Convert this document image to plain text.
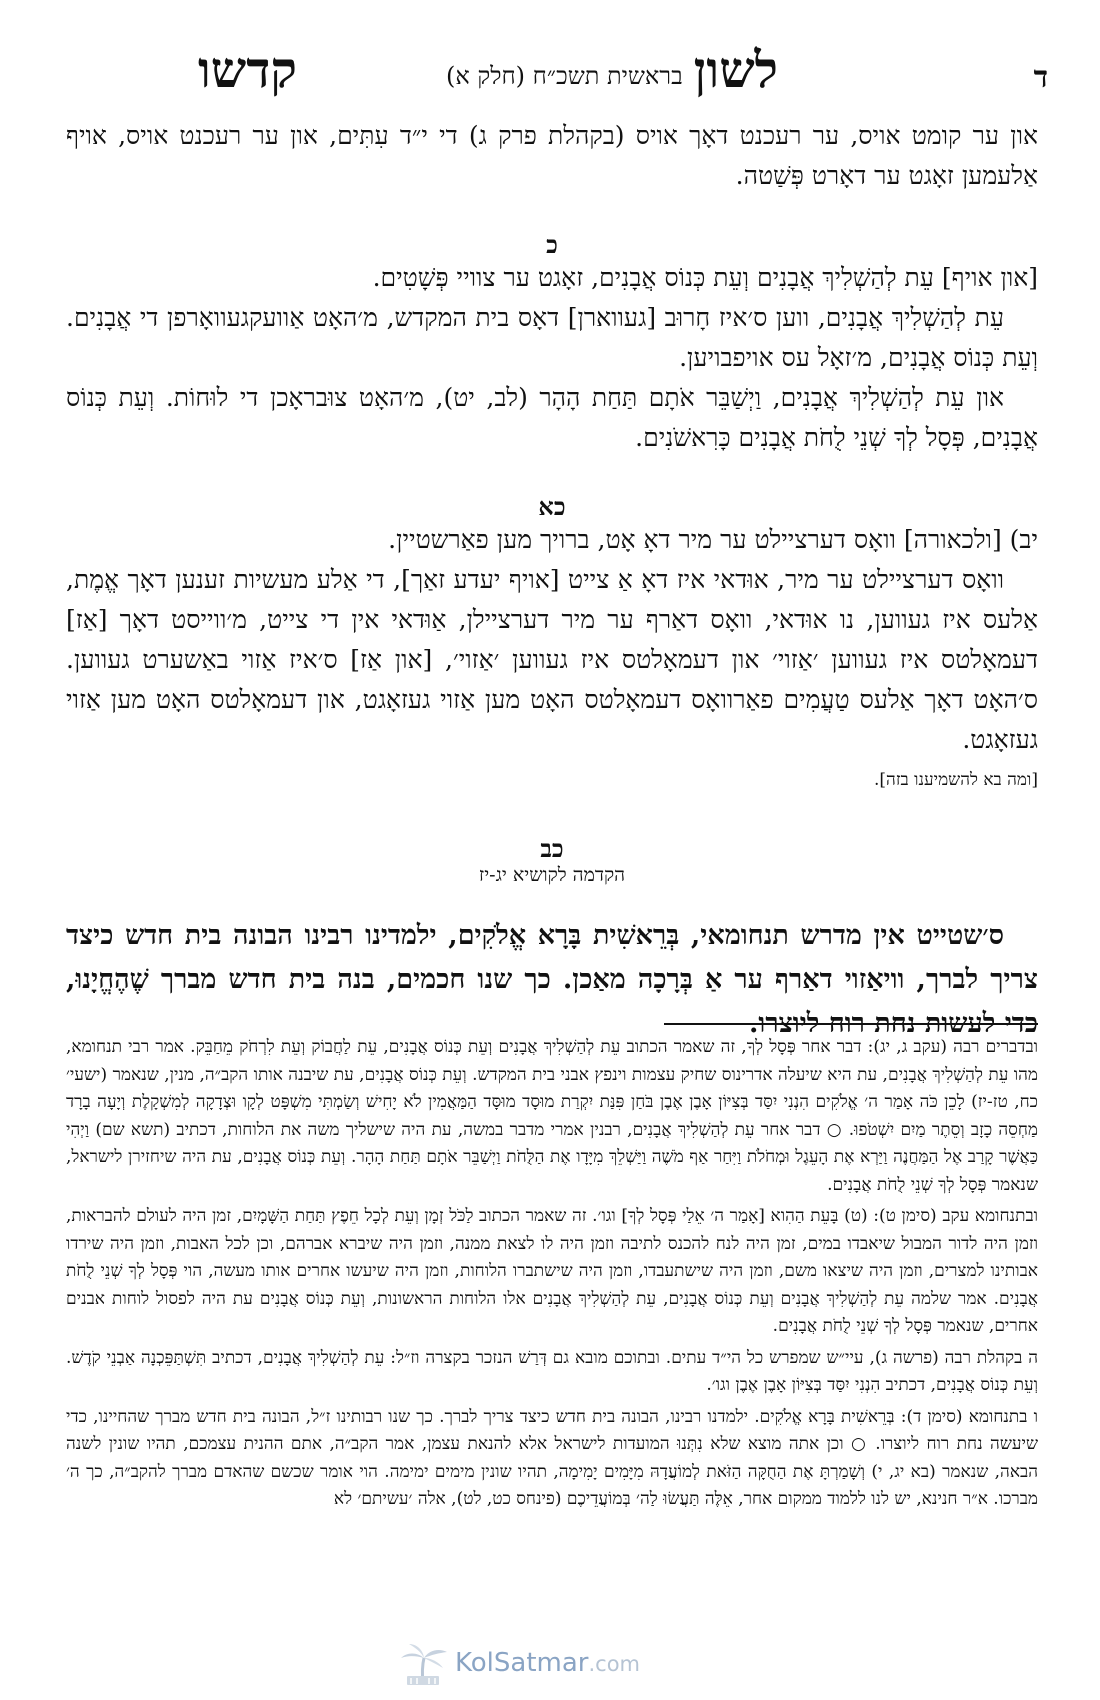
ד
לשון
בראשית תשכ״ח (חלק א)
קדשו

און ער קומט אויס, ער רעכנט דאָך אויס (בקהלת פרק ג) די י״ד עִתִּים, און ער רעכנט אויס, אויף אַלעמען זאָגט ער דאָרט פְּשַׁטה.

כ

[און אויף] עֵת לְהַשְׁלִיךְ אֲבָנִים וְעֵת כְּנוֹס אֲבָנִים, זאָגט ער צוויי פְּשָׁטִים.

עֵת לְהַשְׁלִיךְ אֲבָנִים, ווען ס׳איז חָרוּב [געווארן] דאָס בית המקדש, מ׳האָט אַוועקגעוואָרפן די אֲבָנִים. וְעֵת כְּנוֹס אֲבָנִים, מ׳זאָל עס אויפבויען.

און עֵת לְהַשְׁלִיךְ אֲבָנִים, וַיְשַׁבֵּר אֹתָם תַּחַת הָהָר (לב, יט), מ׳האָט צוּבראָכן די לוּחוֹת. וְעֵת כְּנוֹס אֲבָנִים, פְּסָל לְךָ שְׁנֵי לֻחֹת אֲבָנִים כָּרִאשֹׁנִים.

כא

יב) [ולכאורה] וואָס דערציילט ער מיר דאָ אָט, ברויך מען פאַרשטיין.

וואָס דערציילט ער מיר, אוּדאי איז דאָ אַ צייט [אויף יעדע זאַך], די אַלע מעשיות זענען דאָך אֱמֶת, אַלעס איז געווען, נו אוּדאי, וואָס דאַרף ער מיר דערציילן, אַוּדאי אין די צייט, מ׳ווייסט דאָך [אַז] דעמאָלטס איז געווען ׳אַזוי׳ און דעמאָלטס איז געווען ׳אַזוי׳, [און אַז] ס׳איז אַזוי באַשערט געווען. ס׳האָט דאָך אַלעס טַעֲמִים פאַרוואָס דעמאָלטס האָט מען אַזוי געזאָגט, און דעמאָלטס האָט מען אַזוי געזאָגט.

[ומה בא להשמיענו בזה].

כב

הקדמה לקושיא יג-יז

ס׳שטייט אין מדרש תנחומאי, בְּרֵאשִׁית בָּרָא אֱלֹקִים, ילמדינו רבינו הבונה בית חדש כיצד צריך לברך, וויאַזוי דאַרף ער אַ בְּרָכָה מאַכן. כך שנו חכמים, בנה בית חדש מברך שֶׁהֶחֱיָנוּ, כדי לעשות נחת רוח ליוצרו.

ובדברים רבה (עקב ג, יג): דבר אחר פְּסָל לְךָ, זה שאמר הכתוב עֵת לְהַשְׁלִיךְ אֲבָנִים וְעֵת כְּנוֹס אֲבָנִים, עֵת לַחֲבוֹק וְעֵת לִרְחֹק מֵחַבֵּק. אמר רבי תנחומא, מהו עֵת לְהַשְׁלִיךְ אֲבָנִים, עת היא שיעלה אדרינוס שחיק עצמות וינפץ אבני בית המקדש. וְעֵת כְּנוֹס אֲבָנִים, עת שיבנה אותו הקב״ה, מנין, שנאמר (ישעי׳ כח, טז-יז) לָכֵן כֹּה אָמַר ה׳ אֱלֹקִים הִנְנִי יִסַּד בְּצִיּוֹן אָבֶן אֶבֶן בֹּחַן פִּנַּת יִקְרַת מוּסָד מוּסָּד הַמַּאֲמִין לֹא יָחִישׁ וְשַׂמְתִּי מִשְׁפָּט לְקָו וּצְדָקָה לְמִשְׁקָלֶת וְיָעָה בָרָד מַחְסֵה כָזָב וְסֵתֶר מַיִם יִשְׁטֹפוּ. ○ דבר אחר עֵת לְהַשְׁלִיךְ אֲבָנִים, רבנין אמרי מדבר במשה, עת היה שישליך משה את הלוחות, דכתיב (תשא שם) וַיְהִי כַּאֲשֶׁר קָרַב אֶל הַמַּחֲנֶה וַיַּרְא אֶת הָעֵגֶל וּמְחֹלֹת וַיִּחַר אַף מֹשֶׁה וַיַּשְׁלֵךְ מִיָּדָו אֶת הַלֻּחֹת וַיְשַׁבֵּר אֹתָם תַּחַת הָהָר. וְעֵת כְּנוֹס אֲבָנִים, עת היה שיחזירן לישראל, שנאמר פְּסָל לְךָ שְׁנֵי לֻחֹת אֲבָנִים.

ובתנחומא עקב (סימן ט): (ט) בָּעֵת הַהִוא [אָמַר ה׳ אֵלַי פְּסָל לְךָ] וגו׳. זה שאמר הכתוב לַכֹּל זְמָן וְעֵת לְכָל חֵפֶץ תַּחַת הַשָּׁמָיִם, זמן היה לעולם להבראות, וזמן היה לדור המבול שיאבדו במים, זמן היה לנח להכנס לתיבה וזמן היה לו לצאת ממנה, וזמן היה שיברא אברהם, וכן לכל האבות, וזמן היה שירדו אבותינו למצרים, וזמן היה שיצאו משם, וזמן היה שישתעבדו, וזמן היה שישתברו הלוחות, וזמן היה שיעשו אחרים אותו מעשה, הוי פְּסָל לְךָ שְׁנֵי לֻחֹת אֲבָנִים. אמר שלמה עֵת לְהַשְׁלִיךְ אֲבָנִים וְעֵת כְּנוֹס אֲבָנִים, עֵת לְהַשְׁלִיךְ אֲבָנִים אלו הלוחות הראשונות, וְעֵת כְּנוֹס אֲבָנִים עת היה לפסול לוחות אבנים אחרים, שנאמר פְּסָל לְךָ שְׁנֵי לֻחֹת אֲבָנִים.

ה בקהלת רבה (פרשה ג), עיי״ש שמפרש כל הי״ד עתים. ובתוכם מובא גם דְּרַשׁ הנזכר בקצרה וז״ל: עֵת לְהַשְׁלִיךְ אֲבָנִים, דכתיב תִּשְׁתַּפֵּכְנָה אַבְנֵי קֹדֶשׁ. וְעֵת כְּנוֹס אֲבָנִים, דכתיב הִנְנִי יִסַּד בְּצִיּוֹן אָבֶן אֶבֶן וגו׳.

ו בתנחומא (סימן ד): בְּרֵאשִׁית בָּרָא אֱלֹקִים. ילמדנו רבינו, הבונה בית חדש כיצד צריך לברך. כך שנו רבותינו ז״ל, הבונה בית חדש מברך שהחיינו, כדי שיעשה נחת רוח ליוצרו. ○ וכן אתה מוצא שלא נִתְּנוּ המועדות לישראל אלא להנאת עצמן, אמר הקב״ה, אתם ההנית עצמכם, תהיו שונין לשנה הבאה, שנאמר (בא יג, י) וְשָׁמַרְתָּ אֶת הַחֻקָּה הַזֹּאת לְמוֹעֲדָהּ מִיָּמִים יָמִימָה, תהיו שונין מימים ימימה. הוי אומר שכשם שהאדם מברך להקב״ה, כך ה׳ מברכו. א״ר חנינא, יש לנו ללמוד ממקום אחר, אֵלֶּה תַּעֲשׂוּ לַה׳ בְּמוֹעֲדֵיכֶם (פינחס כט, לט), אלה ׳עשיתם׳ לא

KolSatmar.com
